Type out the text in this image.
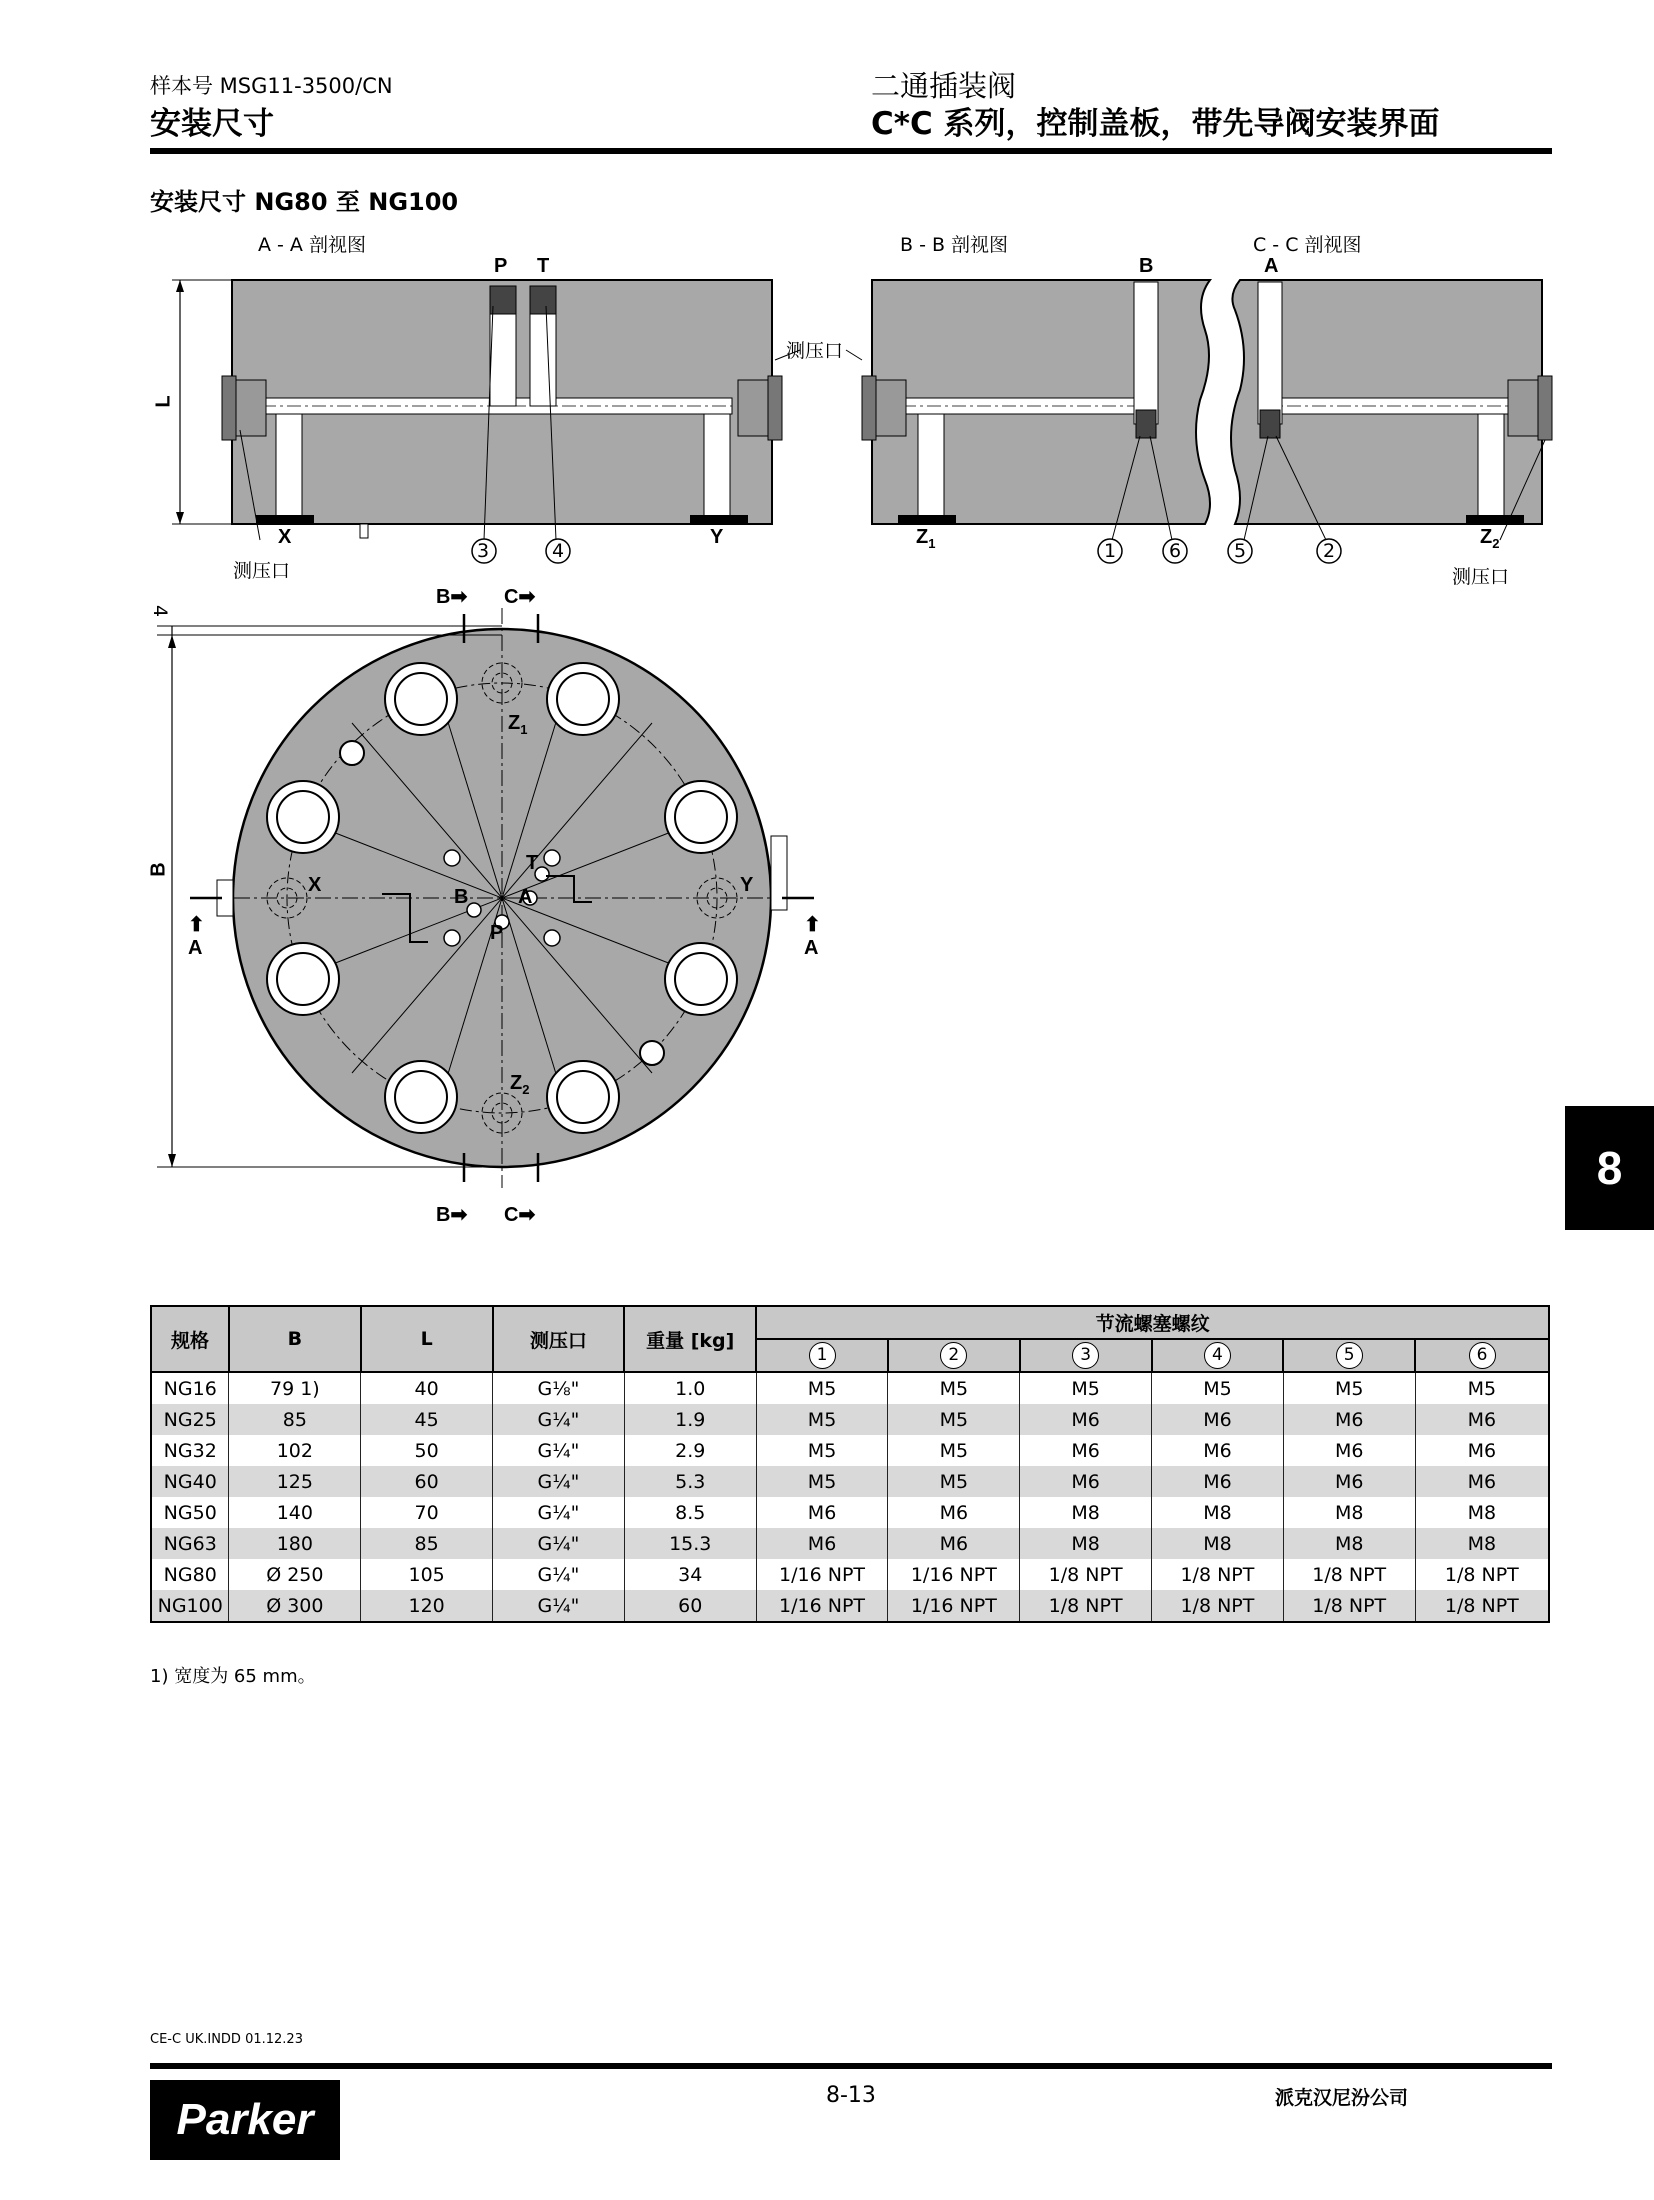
样本号 MSG11-3500/CN
安装尺寸
二通插装阀
C*C 系列，控制盖板，带先导阀安装界面
安装尺寸 NG80 至 NG100
A - A 剖视图	B - B 剖视图	C - C 剖视图
P T
L
X	Y
测压口
测压口
3	4
B	A
$Z_1$	$Z_2$
1	6	5	2
测压口
4
B
B➡ C➡
B➡ C➡
⬆
A
⬆
A
$Z_1$
$Z_2$
X	Y
B A
T
P
8
规格	B	L	测压口	重量 [kg]	节流螺塞螺纹					
					1	2	3	4	5	6
NG16	79 1)	40	G⅛"	1.0	M5	M5	M5	M5	M5	M5
NG25	85	45	G¼"	1.9	M5	M5	M6	M6	M6	M6
NG32	102	50	G¼"	2.9	M5	M5	M6	M6	M6	M6
NG40	125	60	G¼"	5.3	M5	M5	M6	M6	M6	M6
NG50	140	70	G¼"	8.5	M6	M6	M8	M8	M8	M8
NG63	180	85	G¼"	15.3	M6	M6	M8	M8	M8	M8
NG80	Ø 250	105	G¼"	34	1/16 NPT	1/16 NPT	1/8 NPT	1/8 NPT	1/8 NPT	1/8 NPT
NG100	Ø 300	120	G¼"	60	1/16 NPT	1/16 NPT	1/8 NPT	1/8 NPT	1/8 NPT	1/8 NPT
1) 宽度为 65 mm。
CE-C UK.INDD 01.12.23
Parker	8-13	派克汉尼汾公司
